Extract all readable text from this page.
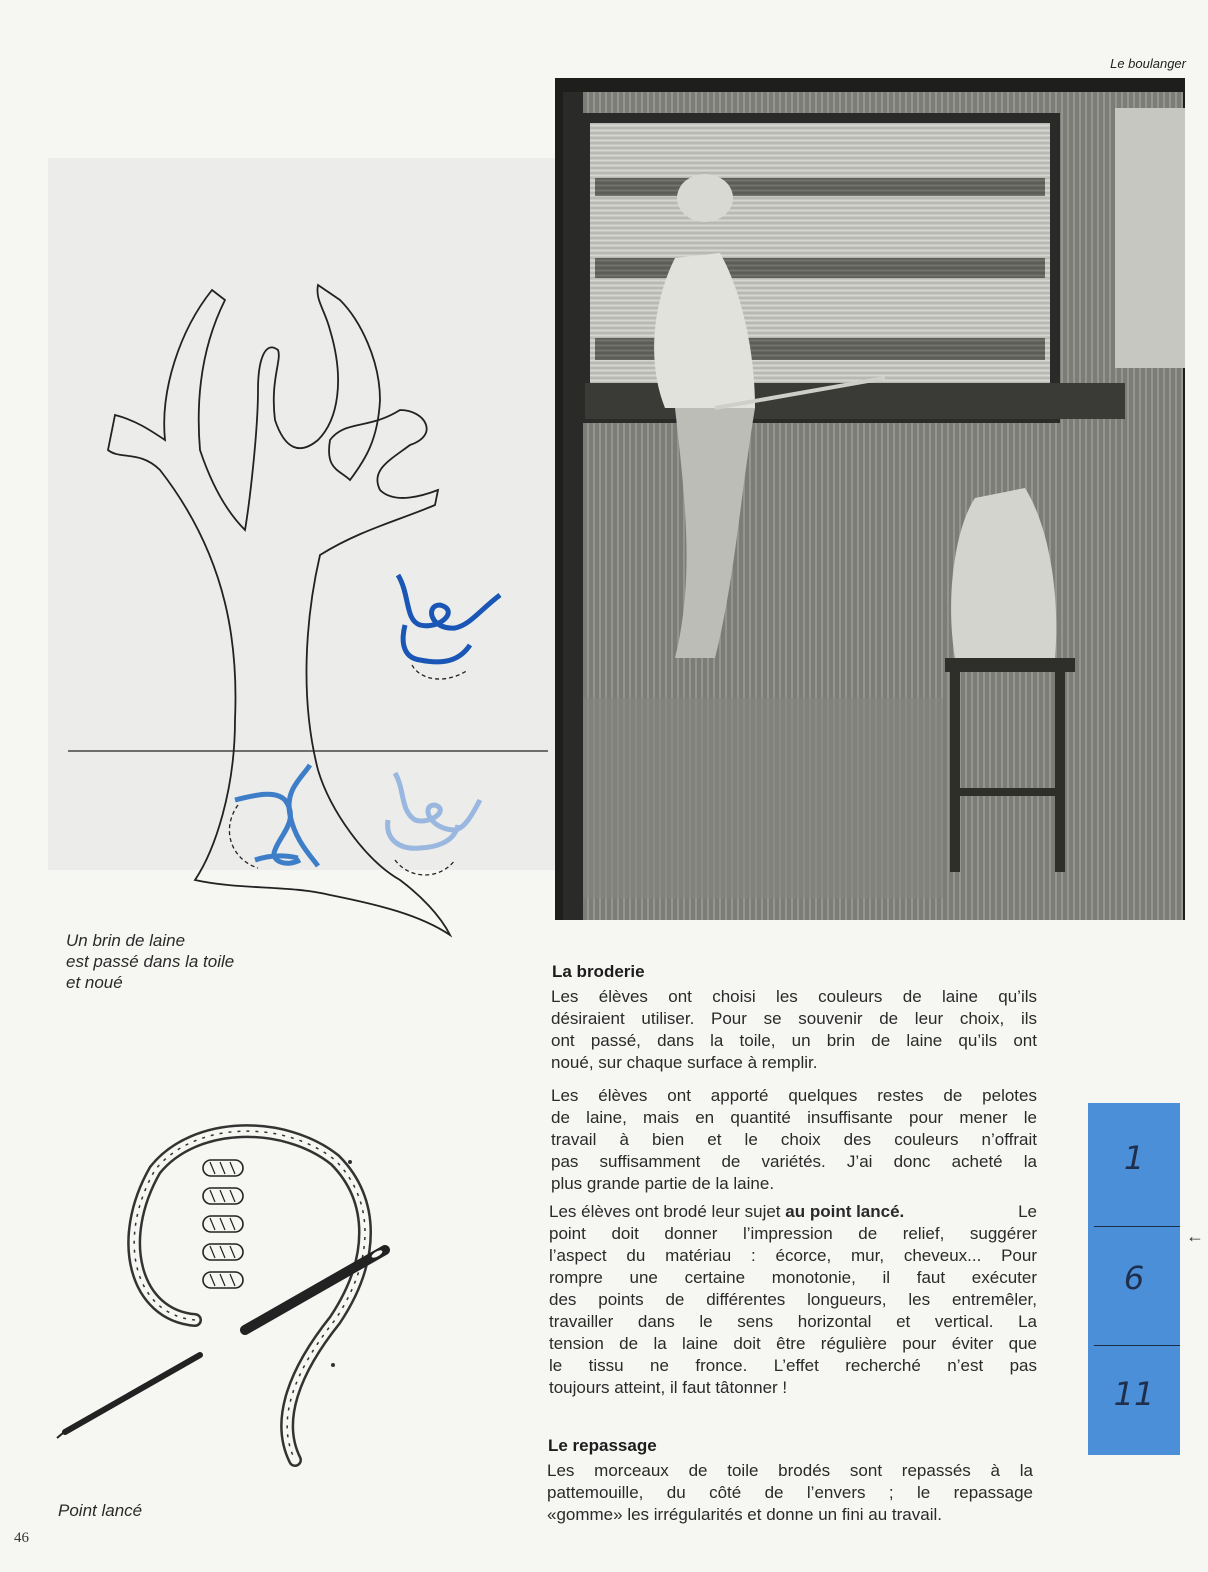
Le boulanger
46
Un brin de laine
est passé dans la toile
et noué
La broderie
Les élèves ont choisi les couleurs de laine qu’ils
désiraient utiliser. Pour se souvenir de leur choix, ils
ont passé, dans la toile, un brin de laine qu’ils ont
noué, sur chaque surface à remplir.
Les élèves ont apporté quelques restes de pelotes
de laine, mais en quantité insuffisante pour mener le
travail à bien et le choix des couleurs n’offrait
pas suffisamment de variétés. J’ai donc acheté la
plus grande partie de la laine.
Les élèves ont brodé leur sujet au point lancé.	Le
point doit donner l’impression de relief, suggérer
l’aspect du matériau : écorce, mur, cheveux... Pour
rompre une certaine monotonie, il faut exécuter
des points de différentes longueurs, les entremêler,
travailler dans le sens horizontal et vertical. La
tension de la laine doit être régulière pour éviter que
le tissu ne fronce. L’effet recherché n’est pas
toujours atteint, il faut tâtonner !
Le repassage
Les morceaux de toile brodés sont repassés à la
pattemouille, du côté de l’envers ; le repassage
«gomme» les irrégularités et donne un fini au travail.
1
6
11
←
Point lancé
